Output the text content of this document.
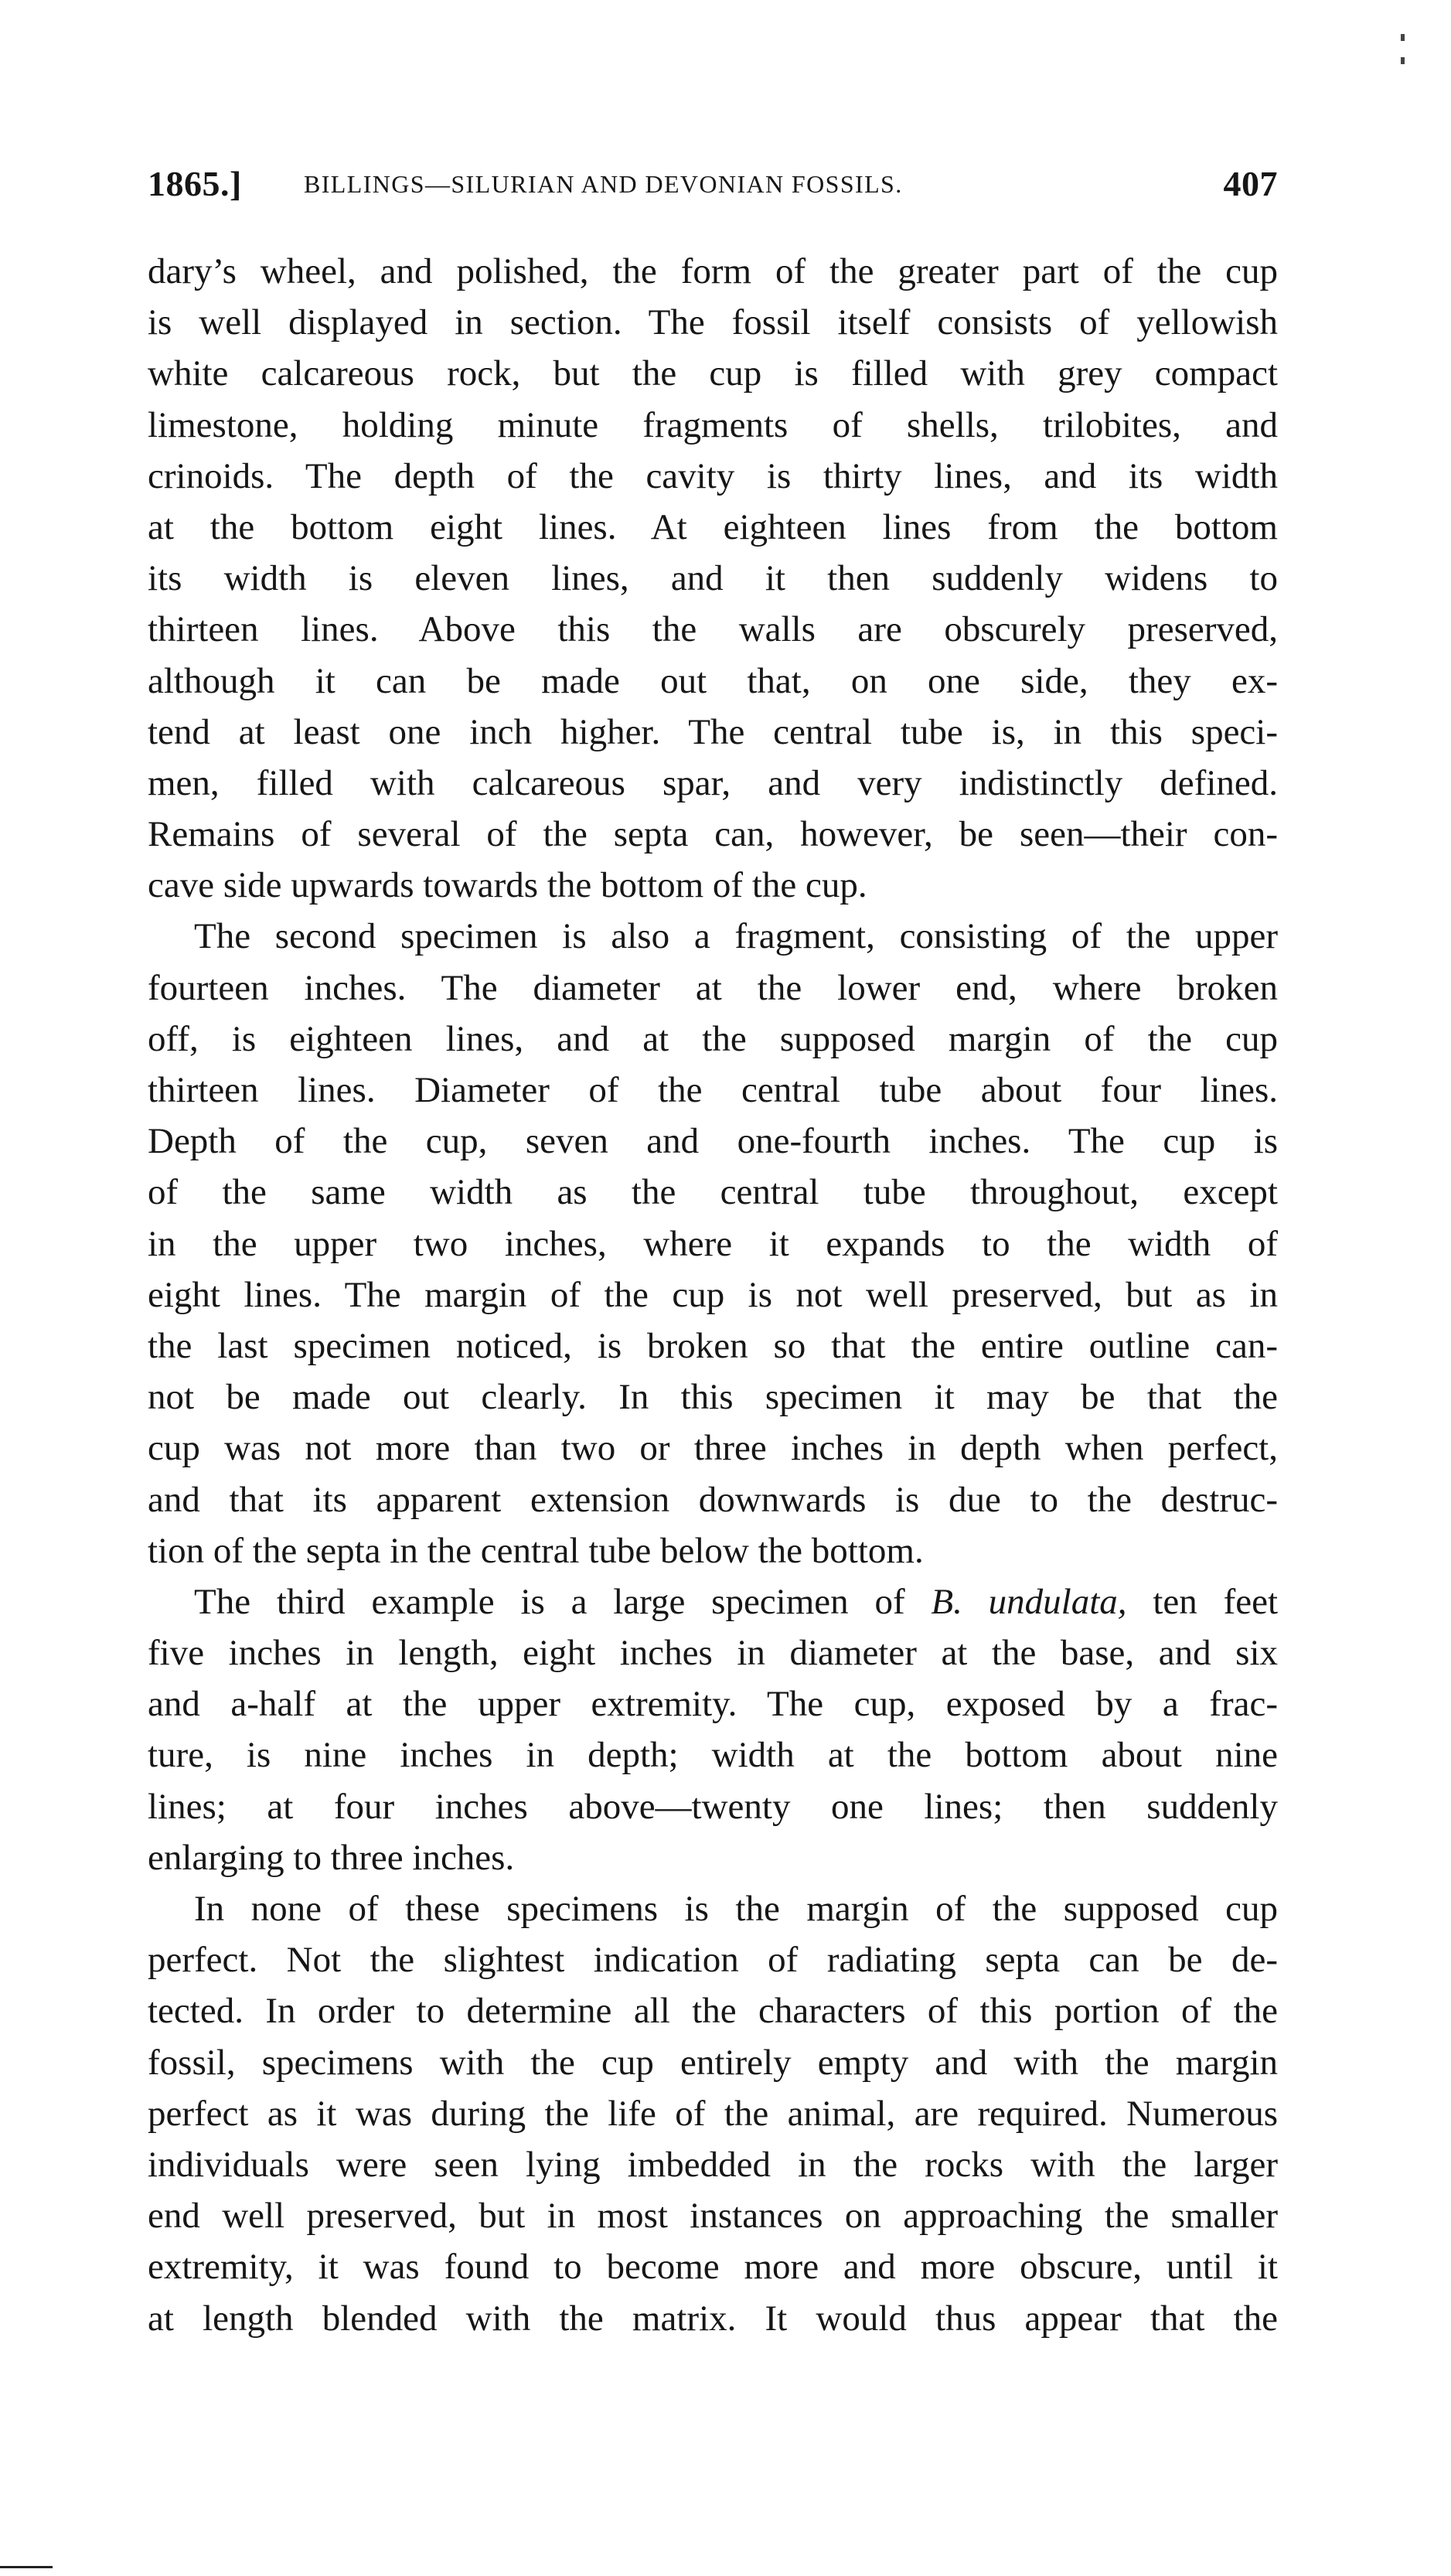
1865.]	BILLINGS—SILURIAN AND DEVONIAN FOSSILS.	407
dary’s wheel, and polished, the form of the greater part of the cup
is well displayed in section. The fossil itself consists of yellowish
white calcareous rock, but the cup is filled with grey compact
limestone, holding minute fragments of shells, trilobites, and
crinoids. The depth of the cavity is thirty lines, and its width
at the bottom eight lines. At eighteen lines from the bottom
its width is eleven lines, and it then suddenly widens to
thirteen lines. Above this the walls are obscurely preserved,
although it can be made out that, on one side, they ex-
tend at least one inch higher. The central tube is, in this speci-
men, filled with calcareous spar, and very indistinctly defined.
Remains of several of the septa can, however, be seen—their con-
cave side upwards towards the bottom of the cup.
The second specimen is also a fragment, consisting of the upper
fourteen inches. The diameter at the lower end, where broken
off, is eighteen lines, and at the supposed margin of the cup
thirteen lines. Diameter of the central tube about four lines.
Depth of the cup, seven and one-fourth inches. The cup is
of the same width as the central tube throughout, except
in the upper two inches, where it expands to the width of
eight lines. The margin of the cup is not well preserved, but as in
the last specimen noticed, is broken so that the entire outline can-
not be made out clearly. In this specimen it may be that the
cup was not more than two or three inches in depth when perfect,
and that its apparent extension downwards is due to the destruc-
tion of the septa in the central tube below the bottom.
The third example is a large specimen of B. undulata, ten feet
five inches in length, eight inches in diameter at the base, and six
and a-half at the upper extremity. The cup, exposed by a frac-
ture, is nine inches in depth; width at the bottom about nine
lines; at four inches above—twenty one lines; then suddenly
enlarging to three inches.
In none of these specimens is the margin of the supposed cup
perfect. Not the slightest indication of radiating septa can be de-
tected. In order to determine all the characters of this portion of the
fossil, specimens with the cup entirely empty and with the margin
perfect as it was during the life of the animal, are required. Numerous
individuals were seen lying imbedded in the rocks with the larger
end well preserved, but in most instances on approaching the smaller
extremity, it was found to become more and more obscure, until it
at length blended with the matrix. It would thus appear that the
